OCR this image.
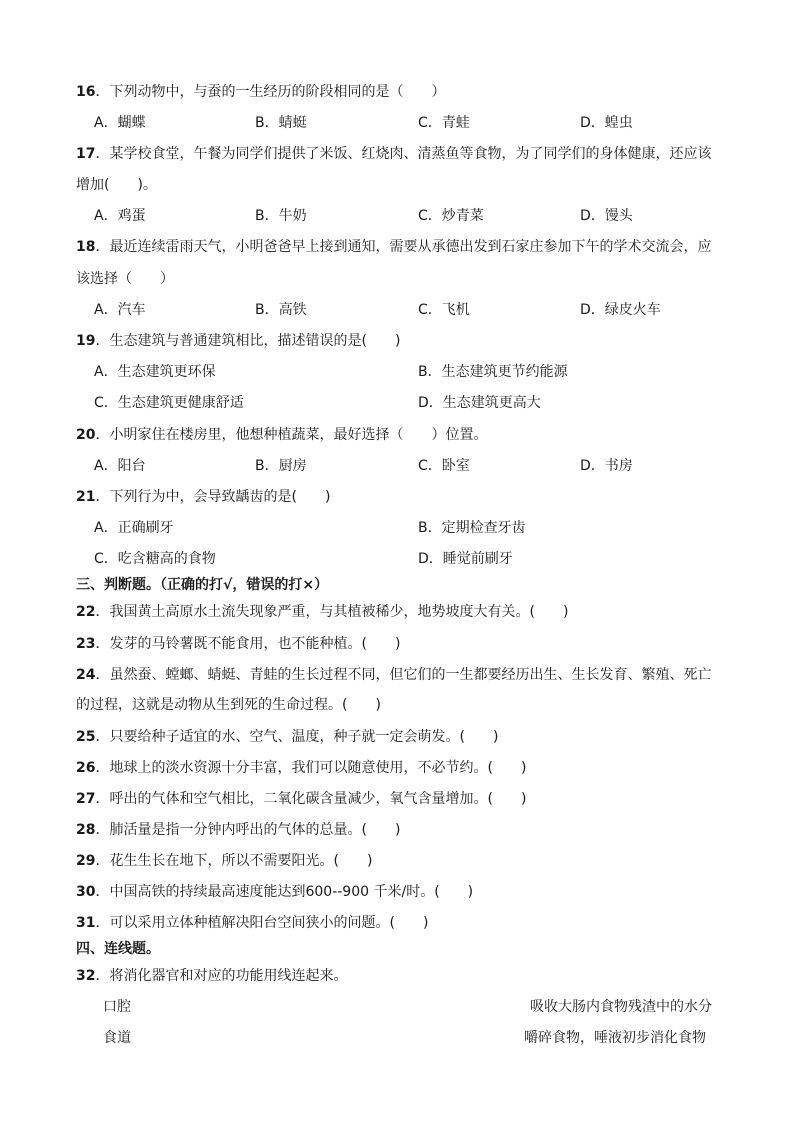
16．下列动物中，与蚕的一生经历的阶段相同的是（　　）
A．蝴蝶	B．蜻蜓	C．青蛙	D．蝗虫
17．某学校食堂，午餐为同学们提供了米饭、红烧肉、清蒸鱼等食物，为了同学们的身体健康，还应该
增加(　　)。
A．鸡蛋	B．牛奶	C．炒青菜	D．馒头
18．最近连续雷雨天气，小明爸爸早上接到通知，需要从承德出发到石家庄参加下午的学术交流会，应
该选择（　　）
A．汽车	B．高铁	C．飞机	D．绿皮火车
19．生态建筑与普通建筑相比，描述错误的是(　　)
A．生态建筑更环保	B．生态建筑更节约能源
C．生态建筑更健康舒适	D．生态建筑更高大
20．小明家住在楼房里，他想种植蔬菜，最好选择（　　）位置。
A．阳台	B．厨房	C．卧室	D．书房
21．下列行为中，会导致龋齿的是(　　)
A．正确刷牙	B．定期检查牙齿
C．吃含糖高的食物	D．睡觉前刷牙
三、判断题。（正确的打√，错误的打×）
22．我国黄土高原水土流失现象严重，与其植被稀少，地势坡度大有关。(　　)
23．发芽的马铃薯既不能食用，也不能种植。(　　)
24．虽然蚕、螳螂、蜻蜓、青蛙的生长过程不同，但它们的一生都要经历出生、生长发育、繁殖、死亡
的过程，这就是动物从生到死的生命过程。(　　)
25．只要给种子适宜的水、空气、温度，种子就一定会萌发。(　　)
26．地球上的淡水资源十分丰富，我们可以随意使用，不必节约。(　　)
27．呼出的气体和空气相比，二氧化碳含量减少，氧气含量增加。(　　)
28．肺活量是指一分钟内呼出的气体的总量。(　　)
29．花生生长在地下，所以不需要阳光。(　　)
30．中国高铁的持续最高速度能达到600--900 千米/时。(　　)
31．可以采用立体种植解决阳台空间狭小的问题。(　　)
四、连线题。
32．将消化器官和对应的功能用线连起来。
口腔	吸收大肠内食物残渣中的水分
食道	嚼碎食物，唾液初步消化食物
